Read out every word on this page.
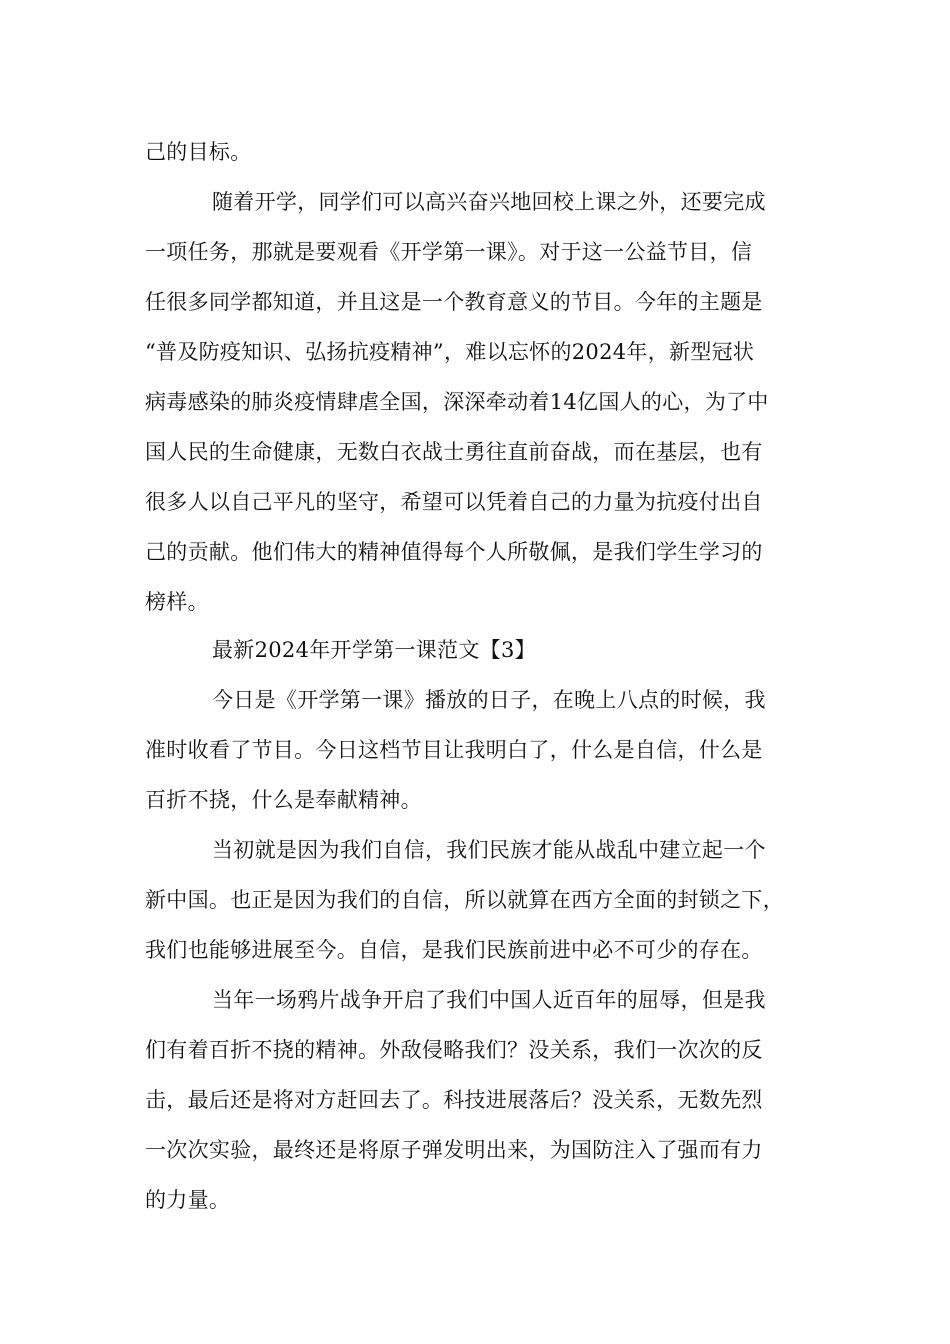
己的目标。
随着开学，同学们可以高兴奋兴地回校上课之外，还要完成
一项任务，那就是要观看《开学第一课》。对于这一公益节目，信
任很多同学都知道，并且这是一个教育意义的节目。今年的主题是
“普及防疫知识、弘扬抗疫精神”，难以忘怀的2024年，新型冠状
病毒感染的肺炎疫情肆虐全国，深深牵动着14亿国人的心，为了中
国人民的生命健康，无数白衣战士勇往直前奋战，而在基层，也有
很多人以自己平凡的坚守，希望可以凭着自己的力量为抗疫付出自
己的贡献。他们伟大的精神值得每个人所敬佩，是我们学生学习的
榜样。
最新2024年开学第一课范文【3】
今日是《开学第一课》播放的日子，在晚上八点的时候，我
准时收看了节目。今日这档节目让我明白了，什么是自信，什么是
百折不挠，什么是奉献精神。
当初就是因为我们自信，我们民族才能从战乱中建立起一个
新中国。也正是因为我们的自信，所以就算在西方全面的封锁之下，
我们也能够进展至今。自信，是我们民族前进中必不可少的存在。
当年一场鸦片战争开启了我们中国人近百年的屈辱，但是我
们有着百折不挠的精神。外敌侵略我们？没关系，我们一次次的反
击，最后还是将对方赶回去了。科技进展落后？没关系，无数先烈
一次次实验，最终还是将原子弹发明出来，为国防注入了强而有力
的力量。
